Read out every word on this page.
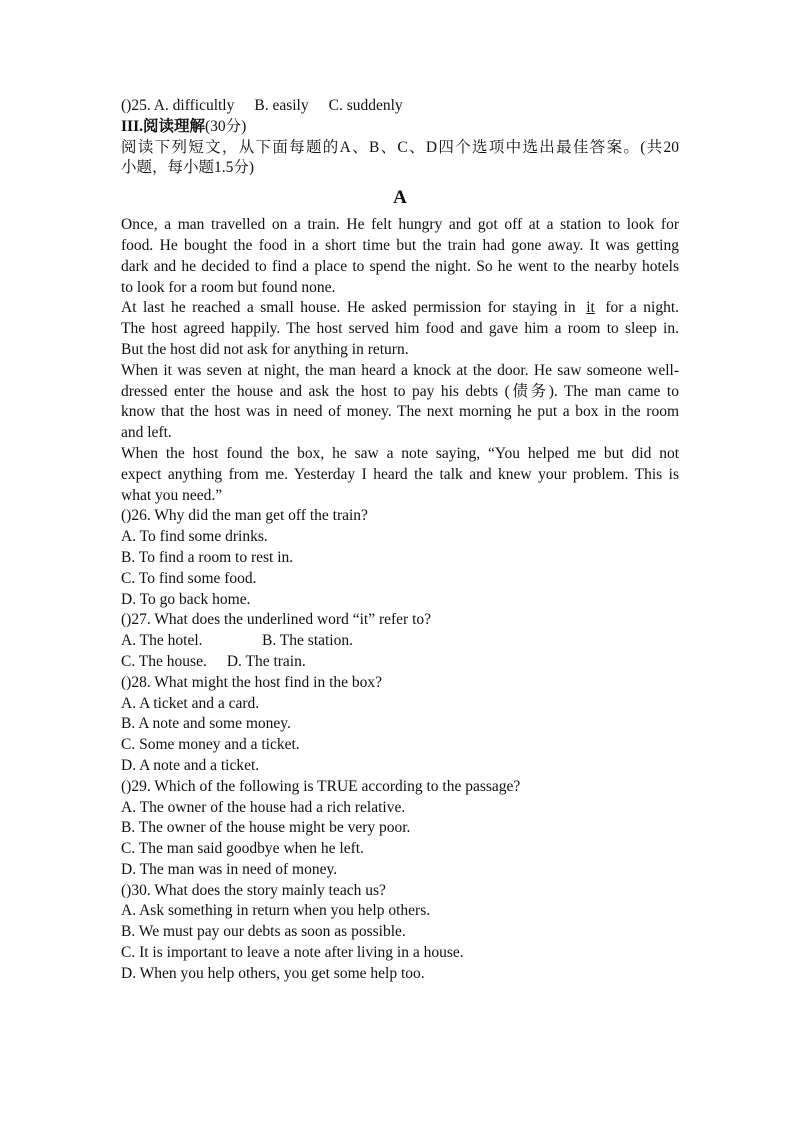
()25. A. difficultly B. easily C. suddenly
III.阅读理解(30分)
阅读下列短文，从下面每题的A、B、C、D四个选项中选出最佳答案。(共20
小题，每小题1.5分)
A
Once, a man travelled on a train. He felt hungry and got off at a station to look for
food. He bought the food in a short time but the train had gone away. It was getting
dark and he decided to find a place to spend the night. So he went to the nearby hotels
to look for a room but found none.
At last he reached a small house. He asked permission for staying in it for a night.
The host agreed happily. The host served him food and gave him a room to sleep in.
But the host did not ask for anything in return.
When it was seven at night, the man heard a knock at the door. He saw someone well-
dressed enter the house and ask the host to pay his debts (债务). The man came to
know that the host was in need of money. The next morning he put a box in the room
and left.
When the host found the box, he saw a note saying, “You helped me but did not
expect anything from me. Yesterday I heard the talk and knew your problem. This is
what you need.”
()26. Why did the man get off the train?
A. To find some drinks.
B. To find a room to rest in.
C. To find some food.
D. To go back home.
()27. What does the underlined word “it” refer to?
A. The hotel.	B. The station.
C. The house. D. The train.
()28. What might the host find in the box?
A. A ticket and a card.
B. A note and some money.
C. Some money and a ticket.
D. A note and a ticket.
()29. Which of the following is TRUE according to the passage?
A. The owner of the house had a rich relative.
B. The owner of the house might be very poor.
C. The man said goodbye when he left.
D. The man was in need of money.
()30. What does the story mainly teach us?
A. Ask something in return when you help others.
B. We must pay our debts as soon as possible.
C. It is important to leave a note after living in a house.
D. When you help others, you get some help too.
